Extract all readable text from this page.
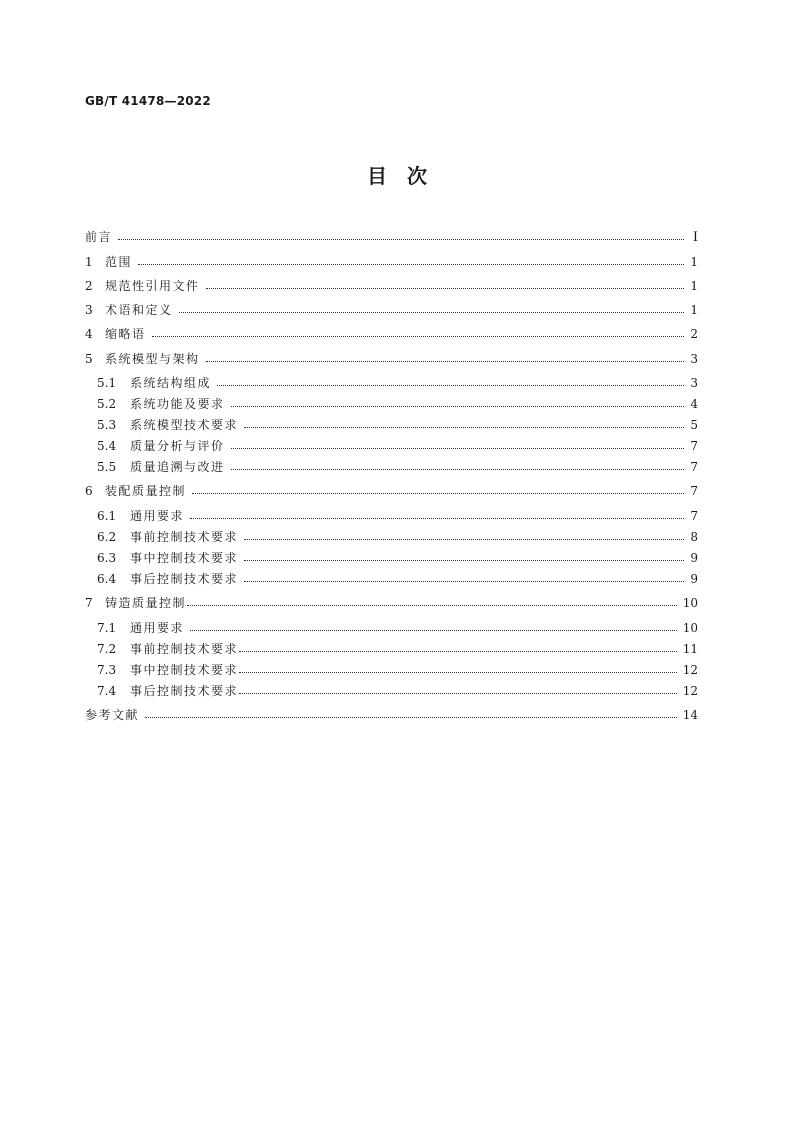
GB/T 41478—2022
目　次
前言	I
1	范围	1
2	规范性引用文件	1
3	术语和定义	1
4	缩略语	2
5	系统模型与架构	3
5.1	系统结构组成	3
5.2	系统功能及要求	4
5.3	系统模型技术要求	5
5.4	质量分析与评价	7
5.5	质量追溯与改进	7
6	装配质量控制	7
6.1	通用要求	7
6.2	事前控制技术要求	8
6.3	事中控制技术要求	9
6.4	事后控制技术要求	9
7	铸造质量控制	10
7.1	通用要求	10
7.2	事前控制技术要求	11
7.3	事中控制技术要求	12
7.4	事后控制技术要求	12
参考文献	14
